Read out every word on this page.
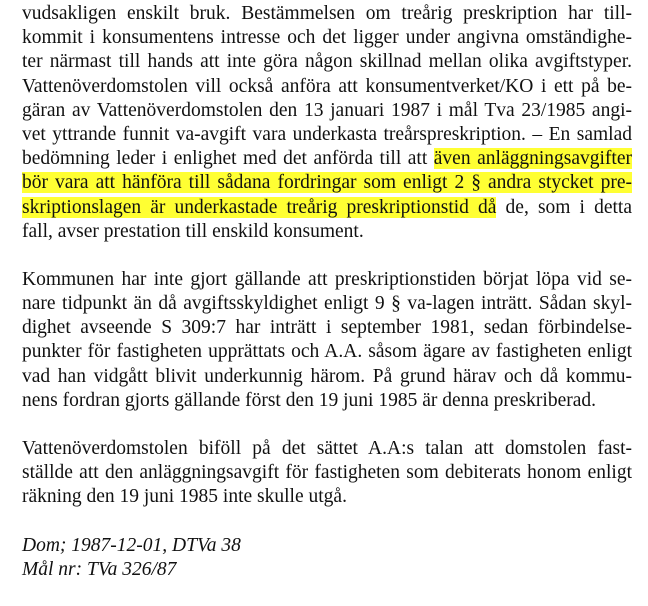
vudsakligen enskilt bruk. Bestämmelsen om treårig preskription har till-
kommit i konsumentens intresse och det ligger under angivna omständighe-
ter närmast till hands att inte göra någon skillnad mellan olika avgiftstyper.
Vattenöverdomstolen vill också anföra att konsumentverket/KO i ett på be-
gäran av Vattenöverdomstolen den 13 januari 1987 i mål Tva 23/1985 angi-
vet yttrande funnit va-avgift vara underkasta treårspreskription. – En samlad
bedömning leder i enlighet med det anförda till att även anläggningsavgifter
bör vara att hänföra till sådana fordringar som enligt 2 § andra stycket pre-
skriptionslagen är underkastade treårig preskriptionstid då de, som i detta
fall, avser prestation till enskild konsument.
Kommunen har inte gjort gällande att preskriptionstiden börjat löpa vid se-
nare tidpunkt än då avgiftsskyldighet enligt 9 § va-lagen inträtt. Sådan skyl-
dighet avseende S 309:7 har inträtt i september 1981, sedan förbindelse-
punkter för fastigheten upprättats och A.A. såsom ägare av fastigheten enligt
vad han vidgått blivit underkunnig härom. På grund härav och då kommu-
nens fordran gjorts gällande först den 19 juni 1985 är denna preskriberad.
Vattenöverdomstolen biföll på det sättet A.A:s talan att domstolen fast-
ställde att den anläggningsavgift för fastigheten som debiterats honom enligt
räkning den 19 juni 1985 inte skulle utgå.
Dom; 1987-12-01, DTVa 38
Mål nr: TVa 326/87
